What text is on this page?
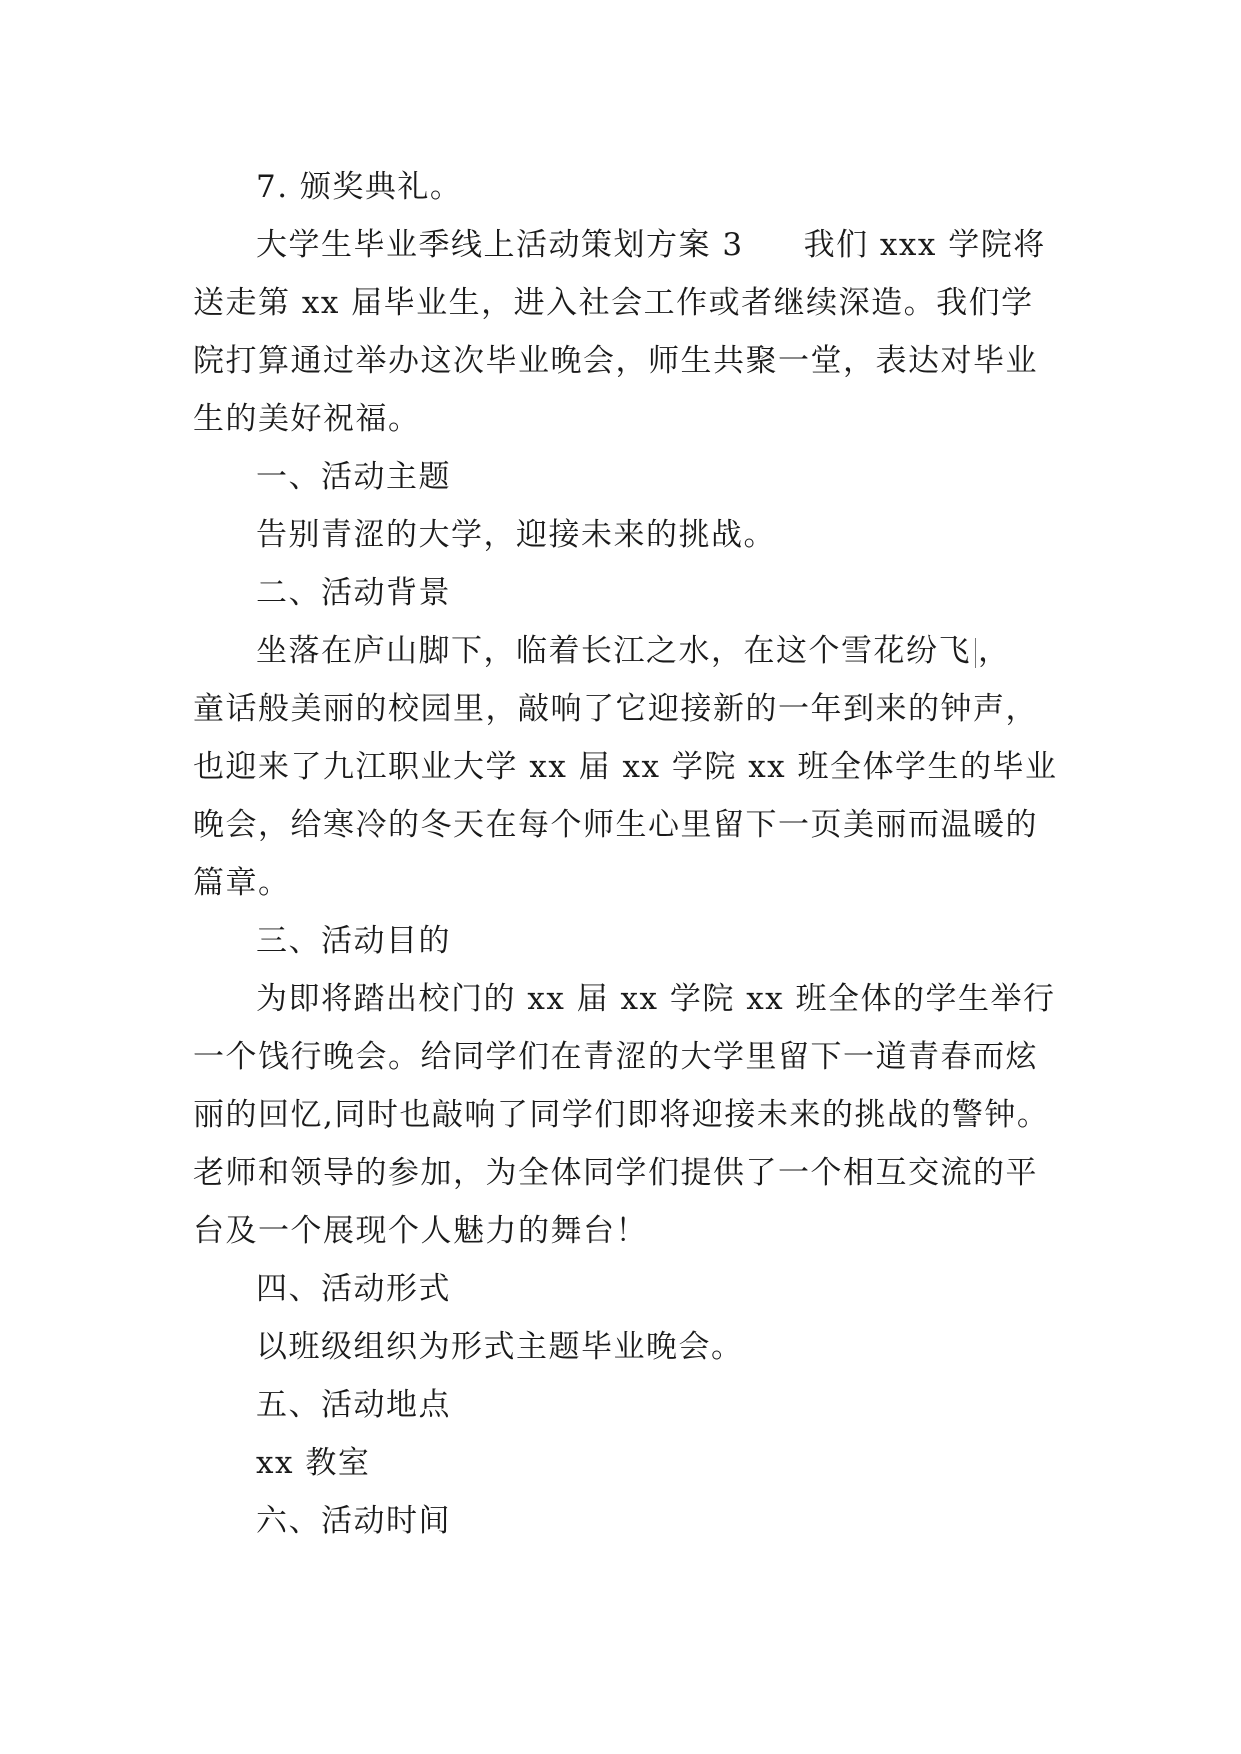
7. 颁奖典礼。

大学生毕业季线上活动策划方案 3 我们 xxx 学院将

送走第 xx 届毕业生，进入社会工作或者继续深造。我们学

院打算通过举办这次毕业晚会，师生共聚一堂，表达对毕业

生的美好祝福。

一、活动主题

告别青涩的大学，迎接未来的挑战。

二、活动背景

坐落在庐山脚下，临着长江之水，在这个雪花纷飞 ，

童话般美丽的校园里，敲响了它迎接新的一年到来的钟声，

也迎来了九江职业大学 xx 届 xx 学院 xx 班全体学生的毕业

晚会，给寒冷的冬天在每个师生心里留下一页美丽而温暖的

篇章。

三、活动目的

为即将踏出校门的 xx 届 xx 学院 xx 班全体的学生举行

一个饯行晚会。给同学们在青涩的大学里留下一道青春而炫

丽的回忆,同时也敲响了同学们即将迎接未来的挑战的警钟。

老师和领导的参加，为全体同学们提供了一个相互交流的平

台及一个展现个人魅力的舞台！

四、活动形式

以班级组织为形式主题毕业晚会。

五、活动地点

xx 教室

六、活动时间
